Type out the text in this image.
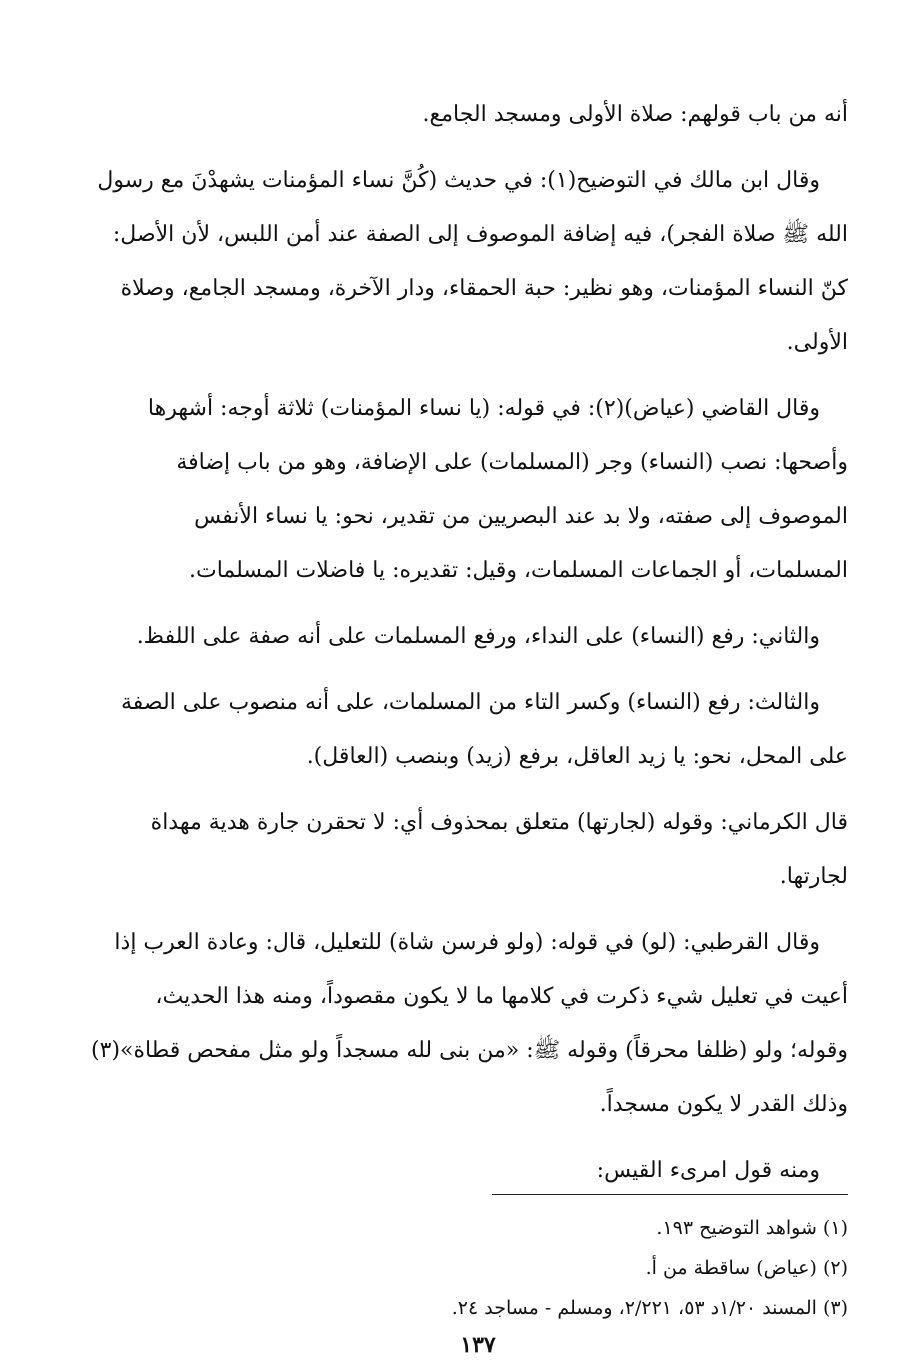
أنه من باب قولهم: صلاة الأولى ومسجد الجامع.
وقال ابن مالك في التوضيح(١): في حديث (كُنَّ نساء المؤمنات يشهدْنَ مع رسول
الله ﷺ صلاة الفجر)، فيه إضافة الموصوف إلى الصفة عند أمن اللبس، لأن الأصل:
كنّ النساء المؤمنات، وهو نظير: حبة الحمقاء، ودار الآخرة، ومسجد الجامع، وصلاة
الأولى.
وقال القاضي (عياض)(٢): في قوله: (يا نساء المؤمنات) ثلاثة أوجه: أشهرها
وأصحها: نصب (النساء) وجر (المسلمات) على الإضافة، وهو من باب إضافة
الموصوف إلى صفته، ولا بد عند البصريين من تقدير، نحو: يا نساء الأنفس
المسلمات، أو الجماعات المسلمات، وقيل: تقديره: يا فاضلات المسلمات.
والثاني: رفع (النساء) على النداء، ورفع المسلمات على أنه صفة على اللفظ.
والثالث: رفع (النساء) وكسر التاء من المسلمات، على أنه منصوب على الصفة
على المحل، نحو: يا زيد العاقل، برفع (زيد) وبنصب (العاقل).
قال الكرماني: وقوله (لجارتها) متعلق بمحذوف أي: لا تحقرن جارة هدية مهداة
لجارتها.
وقال القرطبي: (لو) في قوله: (ولو فرسن شاة) للتعليل، قال: وعادة العرب إذا
أعيت في تعليل شيء ذكرت في كلامها ما لا يكون مقصوداً، ومنه هذا الحديث،
وقوله؛ ولو (ظلفا محرقاً) وقوله ﷺ: «من بنى لله مسجداً ولو مثل مفحص قطاة»(٣)
وذلك القدر لا يكون مسجداً.
ومنه قول امرىء القيس:
(١) شواهد التوضيح ١٩٣.
(٢) (عياض) ساقطة من أ.
(٣) المسند ١/٢٠د ٥٣، ٢/٢٢١، ومسلم - مساجد ٢٤.
١٣٧
